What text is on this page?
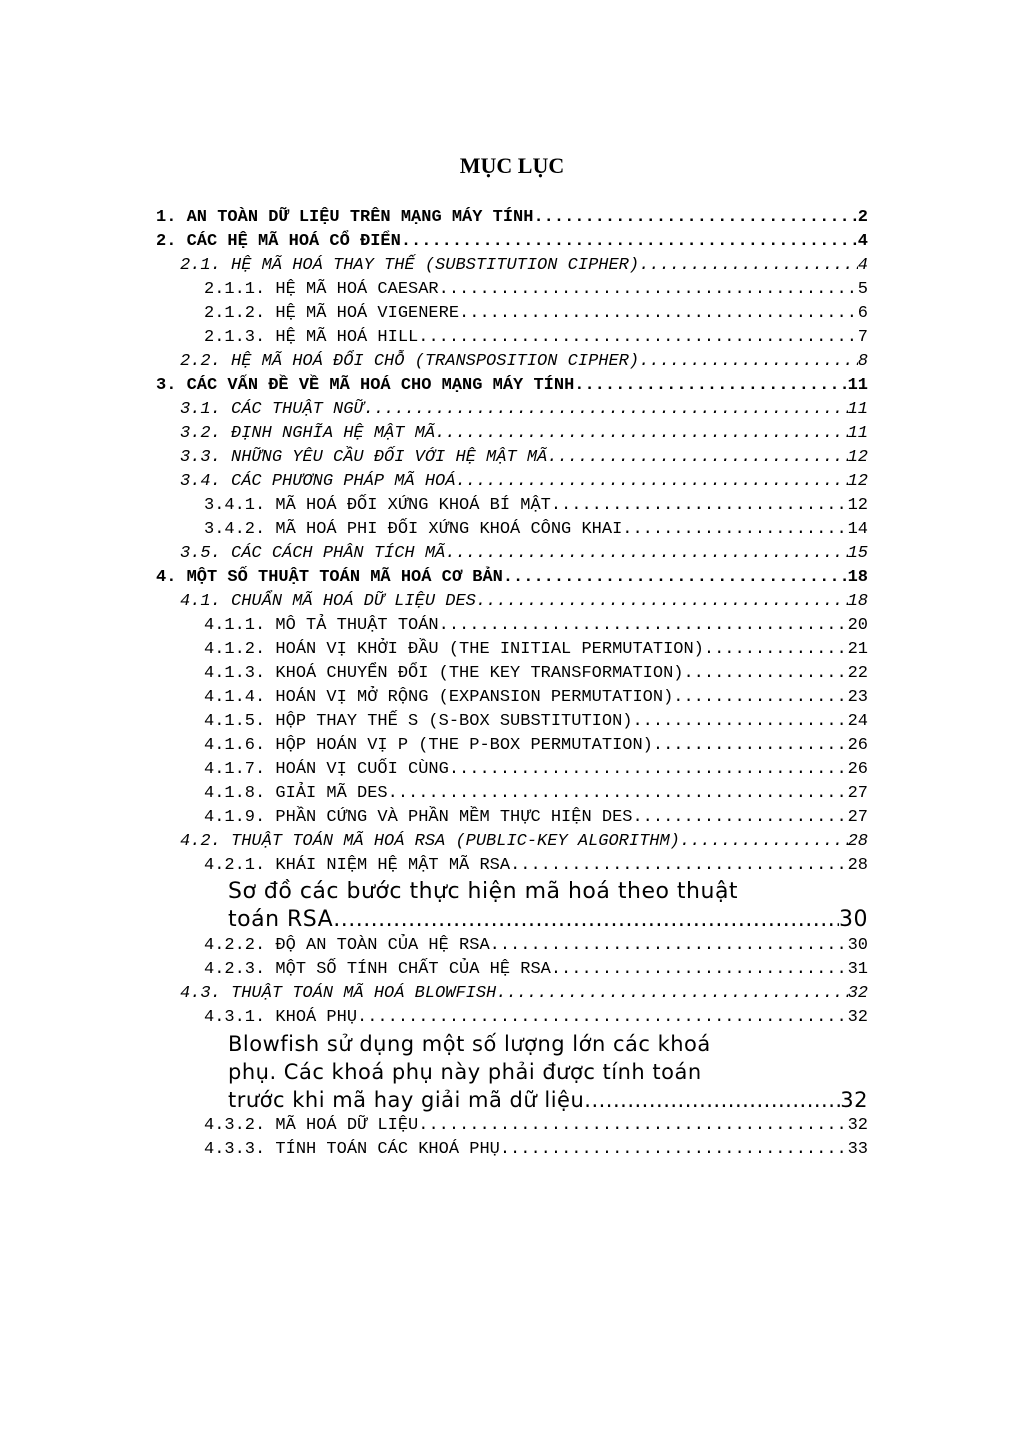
MỤC LỤC
1. AN TOÀN DỮ LIỆU TRÊN MẠNG MÁY TÍNH .....	2
2. CÁC HỆ MÃ HOÁ CỔ ĐIỂN .....	4
2.1. HỆ MÃ HOÁ THAY THẾ (SUBSTITUTION CIPHER) .....	4
2.1.1. HỆ MÃ HOÁ CAESAR .....	5
2.1.2. HỆ MÃ HOÁ VIGENERE .....	6
2.1.3. HỆ MÃ HOÁ HILL .....	7
2.2. HỆ MÃ HOÁ ĐỔI CHỖ (TRANSPOSITION CIPHER) .....	8
3. CÁC VẤN ĐỀ VỀ MÃ HOÁ CHO MẠNG MÁY TÍNH .....	11
3.1. CÁC THUẬT NGỮ .....	11
3.2. ĐỊNH NGHĨA HỆ MẬT MÃ .....	11
3.3. NHỮNG YÊU CẦU ĐỐI VỚI HỆ MẬT MÃ .....	12
3.4. CÁC PHƯƠNG PHÁP MÃ HOÁ .....	12
3.4.1. MÃ HOÁ ĐỐI XỨNG KHOÁ BÍ MẬT .....	12
3.4.2. MÃ HOÁ PHI ĐỐI XỨNG KHOÁ CÔNG KHAI .....	14
3.5. CÁC CÁCH PHÂN TÍCH MÃ .....	15
4. MỘT SỐ THUẬT TOÁN MÃ HOÁ CƠ BẢN .....	18
4.1. CHUẨN MÃ HOÁ DỮ LIỆU DES .....	18
4.1.1. MÔ TẢ THUẬT TOÁN .....	20
4.1.2. HOÁN VỊ KHỞI ĐẦU (THE INITIAL PERMUTATION) .....	21
4.1.3. KHOÁ CHUYỂN ĐỔI (THE KEY TRANSFORMATION) .....	22
4.1.4. HOÁN VỊ MỞ RỘNG (EXPANSION PERMUTATION) .....	23
4.1.5. HỘP THAY THẾ S (S-BOX SUBSTITUTION) .....	24
4.1.6. HỘP HOÁN VỊ P (THE P-BOX PERMUTATION) .....	26
4.1.7. HOÁN VỊ CUỐI CÙNG .....	26
4.1.8. GIẢI MÃ DES .....	27
4.1.9. PHẦN CỨNG VÀ PHẦN MỀM THỰC HIỆN DES .....	27
4.2. THUẬT TOÁN MÃ HOÁ RSA (PUBLIC-KEY ALGORITHM) .....	28
4.2.1. KHÁI NIỆM HỆ MẬT MÃ RSA .....	28
Sơ đồ các bước thực hiện mã hoá theo thuật
toán RSA .....	30
4.2.2. ĐỘ AN TOÀN CỦA HỆ RSA .....	30
4.2.3. MỘT SỐ TÍNH CHẤT CỦA HỆ RSA .....	31
4.3. THUẬT TOÁN MÃ HOÁ BLOWFISH .....	32
4.3.1. KHOÁ PHỤ .....	32
Blowfish sử dụng một số lượng lớn các khoá
phụ. Các khoá phụ này phải được tính toán
trước khi mã hay giải mã dữ liệu .....	32
4.3.2. MÃ HOÁ DỮ LIỆU .....	32
4.3.3. TÍNH TOÁN CÁC KHOÁ PHỤ .....	33
